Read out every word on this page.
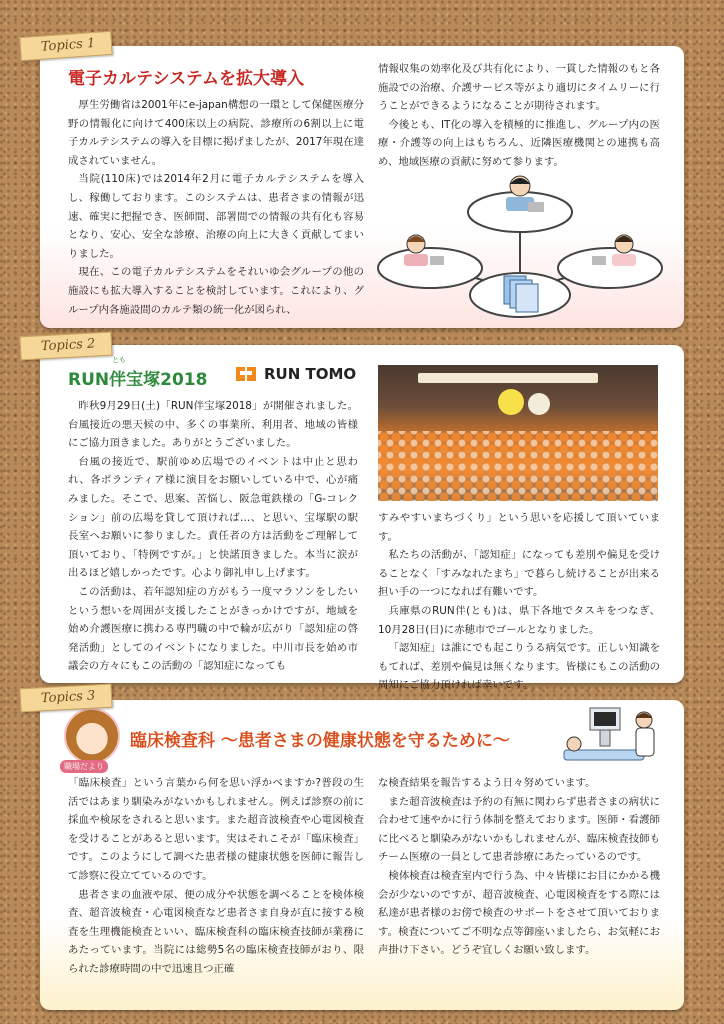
Topics 1
電子カルテシステムを拡大導入

厚生労働省は2001年にe-japan構想の一環として保健医療分野の情報化に向けて400床以上の病院、診療所の6割以上に電子カルテシステムの導入を目標に掲げましたが、2017年現在達成されていません。

当院(110床)では2014年2月に電子カルテシステムを導入し、稼働しております。このシステムは、患者さまの情報が迅速、確実に把握でき、医師間、部署間での情報の共有化も容易となり、安心、安全な診療、治療の向上に大きく貢献してまいりました。

現在、この電子カルテシステムをそれいゆ会グループの他の施設にも拡大導入することを検討しています。これにより、グループ内各施設間のカルテ類の統一化が図られ、

情報収集の効率化及び共有化により、一貫した情報のもと各施設での治療、介護サービス等がより適切にタイムリーに行うことができるようになることが期待されます。

今後とも、IT化の導入を積極的に推進し、グループ内の医療・介護等の向上はもちろん、近隣医療機関との連携も高め、地域医療の貢献に努めて参ります。

Topics 2
とも
RUN伴宝塚2018	RUN TOMO

昨秋9月29日(土)「RUN伴宝塚2018」が開催されました。台風接近の悪天候の中、多くの事業所、利用者、地域の皆様にご協力頂きました。ありがとうございました。

台風の接近で、駅前ゆめ広場でのイベントは中止と思われ、各ボランティア様に演目をお願いしている中で、心が痛みました。そこで、思案、苦悩し、阪急電鉄様の「G-コレクション」前の広場を貸して頂ければ…、と思い、宝塚駅の駅長室へお願いに参りました。責任者の方は活動をご理解して頂いており、「特例ですが。」と快諾頂きました。本当に涙が出るほど嬉しかったです。心より御礼申し上げます。

この活動は、若年認知症の方がもう一度マラソンをしたいという想いを周囲が支援したことがきっかけですが、地域を始め介護医療に携わる専門職の中で輪が広がり「認知症の啓発活動」としてのイベントになりました。中川市長を始め市議会の方々にもこの活動の「認知症になっても

すみやすいまちづくり」という思いを応援して頂いています。

私たちの活動が、「認知症」になっても差別や偏見を受けることなく「すみなれたまち」で暮らし続けることが出来る担い手の一つになれば有難いです。

兵庫県のRUN伴(とも)は、県下各地でタスキをつなぎ、10月28日(日)に赤穂市でゴールとなりました。

「認知症」は誰にでも起こりうる病気です。正しい知識をもてれば、差別や偏見は無くなります。皆様にもこの活動の周知にご協力頂ければ幸いです。

Topics 3
職場だより
臨床検査科 ～患者さまの健康状態を守るために～

「臨床検査」という言葉から何を思い浮かべますか?普段の生活ではあまり馴染みがないかもしれません。例えば診察の前に採血や検尿をされると思います。また超音波検査や心電図検査を受けることがあると思います。実はそれこそが「臨床検査」です。このようにして調べた患者様の健康状態を医師に報告して診察に役立てているのです。

患者さまの血液や尿、便の成分や状態を調べることを検体検査、超音波検査・心電図検査など患者さま自身が直に接する検査を生理機能検査といい、臨床検査科の臨床検査技師が業務にあたっています。当院には総勢5名の臨床検査技師がおり、限られた診療時間の中で迅速且つ正確

な検査結果を報告するよう日々努めています。

また超音波検査は予約の有無に関わらず患者さまの病状に合わせて速やかに行う体制を整えております。医師・看護師に比べると馴染みがないかもしれませんが、臨床検査技師もチーム医療の一員として患者診療にあたっているのです。

検体検査は検査室内で行う為、中々皆様にお目にかかる機会が少ないのですが、超音波検査、心電図検査をする際には私達が患者様のお傍で検査のサポートをさせて頂いております。検査についてご不明な点等御座いましたら、お気軽にお声掛け下さい。どうぞ宜しくお願い致します。
